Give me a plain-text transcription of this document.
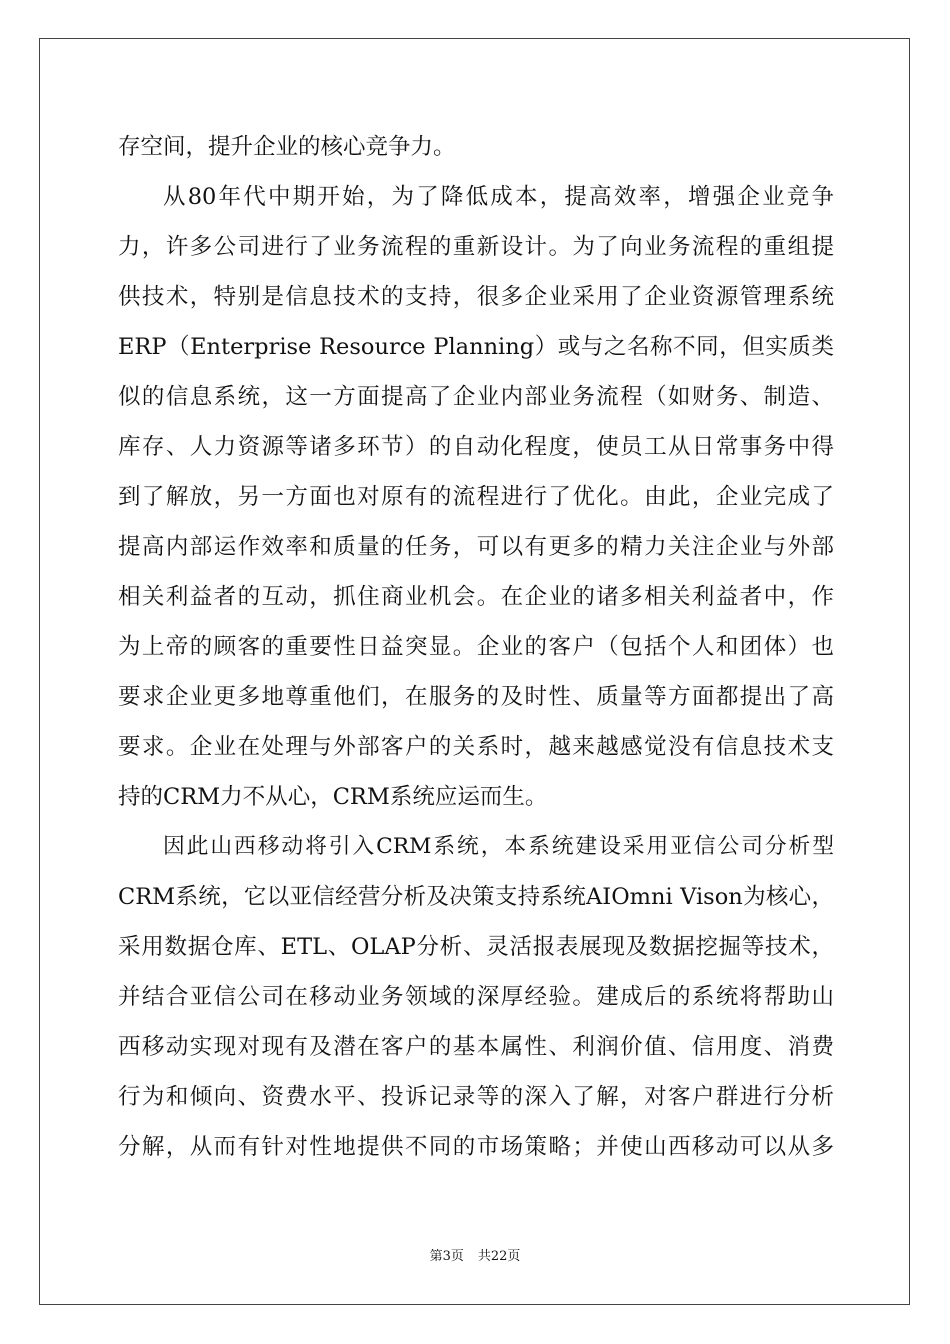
存空间，提升企业的核心竞争力。
从80年代中期开始，为了降低成本，提高效率，增强企业竞争
力，许多公司进行了业务流程的重新设计。为了向业务流程的重组提
供技术，特别是信息技术的支持，很多企业采用了企业资源管理系统
ERP（Enterprise Resource Planning）或与之名称不同，但实质类
似的信息系统，这一方面提高了企业内部业务流程（如财务、制造、
库存、人力资源等诸多环节）的自动化程度，使员工从日常事务中得
到了解放，另一方面也对原有的流程进行了优化。由此，企业完成了
提高内部运作效率和质量的任务，可以有更多的精力关注企业与外部
相关利益者的互动，抓住商业机会。在企业的诸多相关利益者中，作
为上帝的顾客的重要性日益突显。企业的客户（包括个人和团体）也
要求企业更多地尊重他们，在服务的及时性、质量等方面都提出了高
要求。企业在处理与外部客户的关系时，越来越感觉没有信息技术支
持的CRM力不从心，CRM系统应运而生。
因此山西移动将引入CRM系统，本系统建设采用亚信公司分析型
CRM系统，它以亚信经营分析及决策支持系统AIOmni Vison为核心，
采用数据仓库、ETL、OLAP分析、灵活报表展现及数据挖掘等技术，
并结合亚信公司在移动业务领域的深厚经验。建成后的系统将帮助山
西移动实现对现有及潜在客户的基本属性、利润价值、信用度、消费
行为和倾向、资费水平、投诉记录等的深入了解，对客户群进行分析
分解，从而有针对性地提供不同的市场策略；并使山西移动可以从多
第3页 共22页
